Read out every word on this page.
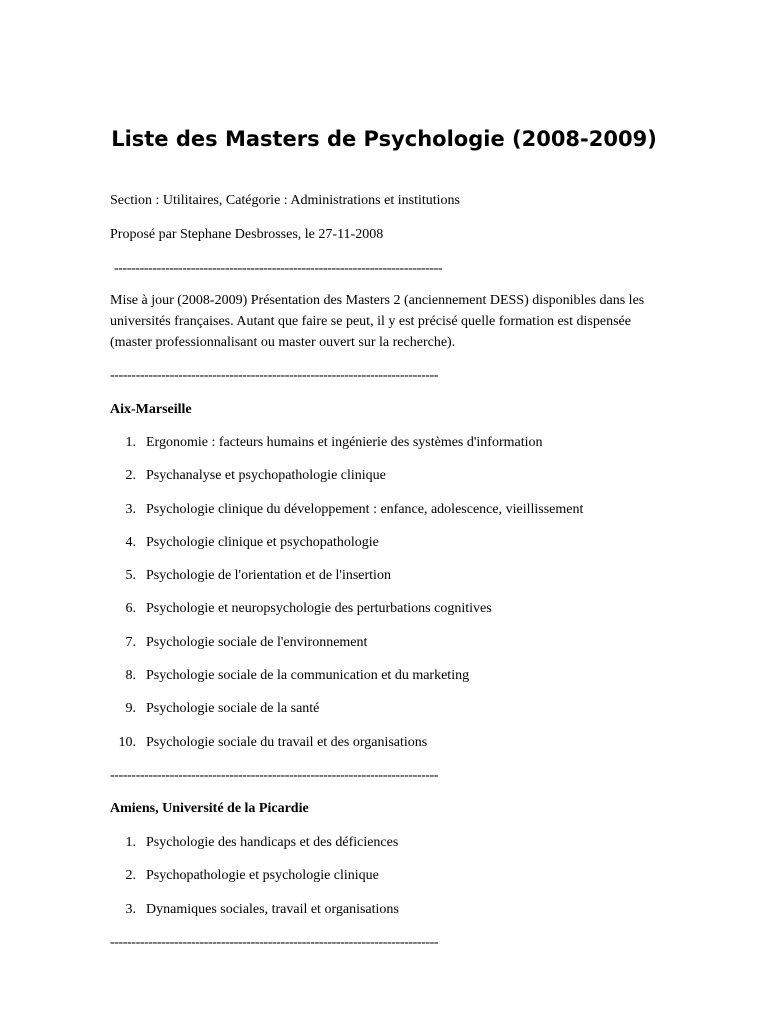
Liste des Masters de Psychologie (2008-2009)

Section : Utilitaires, Catégorie : Administrations et institutions

Proposé par Stephane Desbrosses, le 27-11-2008

-----------------------------------------------------------------------------

Mise à jour (2008-2009) Présentation des Masters 2 (anciennement DESS) disponibles dans les universités françaises. Autant que faire se peut, il y est précisé quelle formation est dispensée (master professionnalisant ou master ouvert sur la recherche).

-----------------------------------------------------------------------------

Aix-Marseille

1. Ergonomie : facteurs humains et ingénierie des systèmes d'information
2. Psychanalyse et psychopathologie clinique
3. Psychologie clinique du développement : enfance, adolescence, vieillissement
4. Psychologie clinique et psychopathologie
5. Psychologie de l'orientation et de l'insertion
6. Psychologie et neuropsychologie des perturbations cognitives
7. Psychologie sociale de l'environnement
8. Psychologie sociale de la communication et du marketing
9. Psychologie sociale de la santé
10. Psychologie sociale du travail et des organisations

-----------------------------------------------------------------------------

Amiens, Université de la Picardie

1. Psychologie des handicaps et des déficiences
2. Psychopathologie et psychologie clinique
3. Dynamiques sociales, travail et organisations

-----------------------------------------------------------------------------
